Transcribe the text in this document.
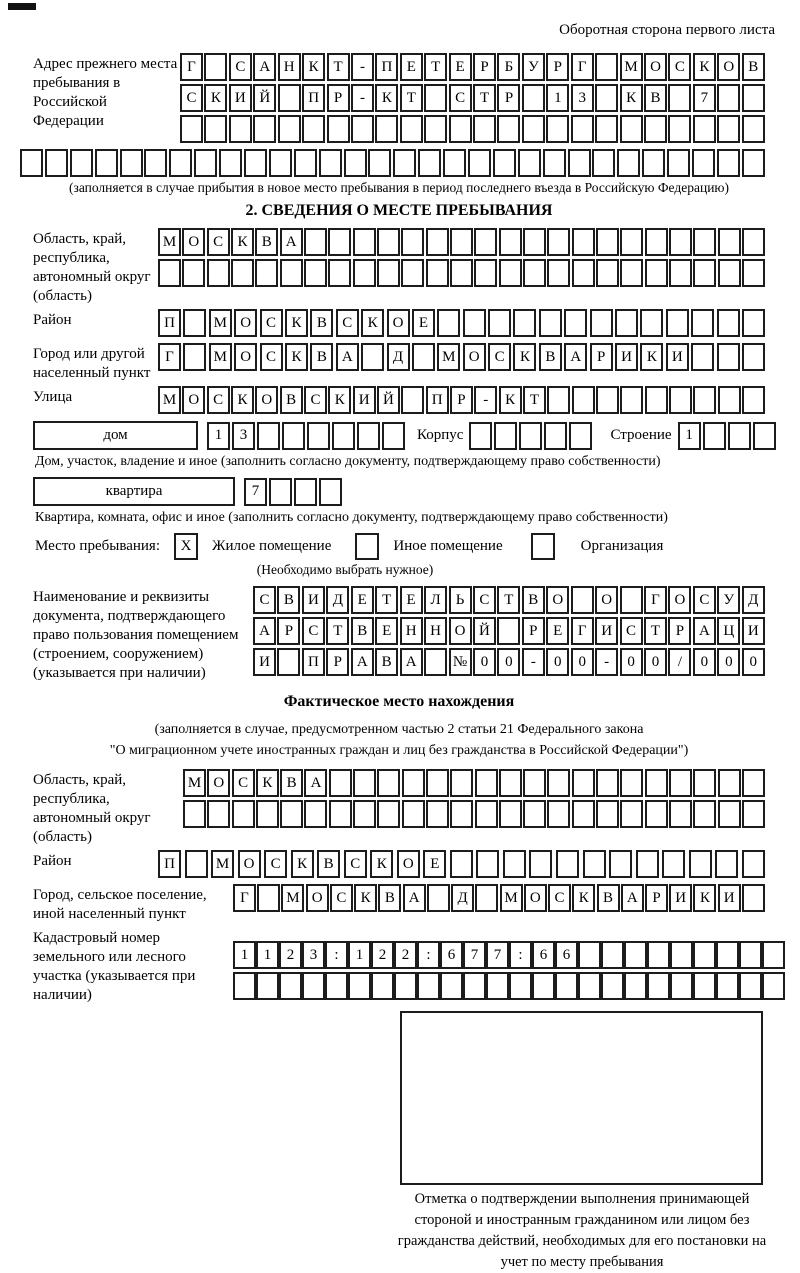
Оборотная сторона первого листа
Адрес прежнего места пребывания в Российской Федерации
Г	С А Н К Т	-	П Е	Т	Е	Р	Б У Р	Г	М О С К О В
С К И Й	П Р	-	К Т	С Т	Р	1	3	К В	7
(заполняется в случае прибытия в новое место пребывания в период последнего въезда в Российскую Федерацию)
2. СВЕДЕНИЯ О МЕСТЕ ПРЕБЫВАНИЯ
Область, край, республика, автономный округ (область)
М О С К В А
Район	П	М О С	К	В	С	К О	Е
Город или другой населенный пункт
Г	М О С	К	В А	Д	М О С	К	В А	Р	И К И
Улица	М О С К О В С К И Й	П Р	-	К Т
дом	1	3	Корпус	Строение 1
Дом, участок, владение и иное (заполнить согласно документу, подтверждающему право собственности)
квартира	7
Квартира, комната, офис и иное (заполнить согласно документу, подтверждающему право собственности)
Место пребывания:	X	Жилое помещение	Иное помещение	Организация
(Необходимо выбрать нужное)
Наименование и реквизиты документа, подтверждающего право пользования помещением (строением, сооружением) (указывается при наличии)
С В И Д Е	Т	Е Л	Ь	С Т В О	О	Г О С У Д
А Р	С Т В Е Н Н О Й	Р	Е	Г И С Т	Р А Ц И
И	П Р А В А	№ 0	0	-	0	0	-	0	0	/	0	0	0
Фактическое место нахождения
(заполняется в случае, предусмотренном частью 2 статьи 21 Федерального закона
"О миграционном учете иностранных граждан и лиц без гражданства в Российской Федерации")
Область, край, республика, автономный округ (область)
М О С К В А
Район	П	М О	С	К	В	С	К	О	Е
Город, сельское поселение, иной населенный пункт
Г	М О С К В А	Д	М О С К В А Р И К И
Кадастровый номер земельного или лесного участка (указывается при наличии)
1	1	2	3	:	1	2	2	:	6	7	7	:	6	6
Отметка о подтверждении выполнения принимающей стороной и иностранным гражданином или лицом без гражданства действий, необходимых для его постановки на учет по месту пребывания
